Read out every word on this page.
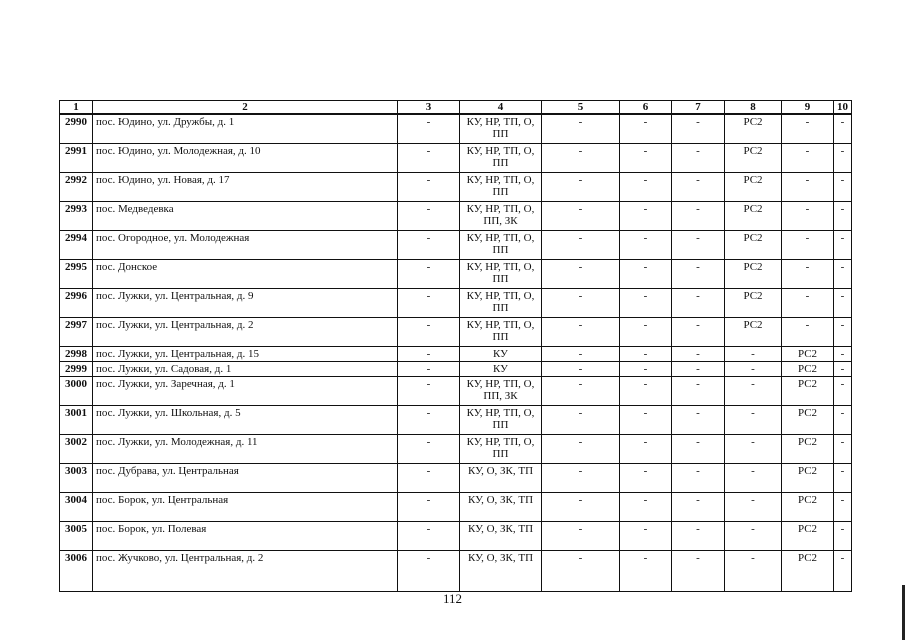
1	2	3	4	5	6	7	8	9	10
2990	пос. Юдино, ул. Дружбы, д. 1	-	КУ, НР, ТП, О, ПП	-	-	-	РС2	-	-
2991	пос. Юдино, ул. Молодежная, д. 10	-	КУ, НР, ТП, О, ПП	-	-	-	РС2	-	-
2992	пос. Юдино, ул. Новая, д. 17	-	КУ, НР, ТП, О, ПП	-	-	-	РС2	-	-
2993	пос. Медведевка	-	КУ, НР, ТП, О, ПП, ЗК	-	-	-	РС2	-	-
2994	пос. Огородное, ул. Молодежная	-	КУ, НР, ТП, О, ПП	-	-	-	РС2	-	-
2995	пос. Донское	-	КУ, НР, ТП, О, ПП	-	-	-	РС2	-	-
2996	пос. Лужки, ул. Центральная, д. 9	-	КУ, НР, ТП, О, ПП	-	-	-	РС2	-	-
2997	пос. Лужки, ул. Центральная, д. 2	-	КУ, НР, ТП, О, ПП	-	-	-	РС2	-	-
2998	пос. Лужки, ул. Центральная, д. 15	-	КУ	-	-	-	-	РС2	-
2999	пос. Лужки, ул. Садовая, д. 1	-	КУ	-	-	-	-	РС2	-
3000	пос. Лужки, ул. Заречная, д. 1	-	КУ, НР, ТП, О, ПП, ЗК	-	-	-	-	РС2	-
3001	пос. Лужки, ул. Школьная, д. 5	-	КУ, НР, ТП, О, ПП	-	-	-	-	РС2	-
3002	пос. Лужки, ул. Молодежная, д. 11	-	КУ, НР, ТП, О, ПП	-	-	-	-	РС2	-
3003	пос. Дубрава, ул. Центральная	-	КУ, О, ЗК, ТП	-	-	-	-	РС2	-
3004	пос. Борок, ул. Центральная	-	КУ, О, ЗК, ТП	-	-	-	-	РС2	-
3005	пос. Борок, ул. Полевая	-	КУ, О, ЗК, ТП	-	-	-	-	РС2	-
3006	пос. Жучково, ул. Центральная, д. 2	-	КУ, О, ЗК, ТП	-	-	-	-	РС2	-
112
